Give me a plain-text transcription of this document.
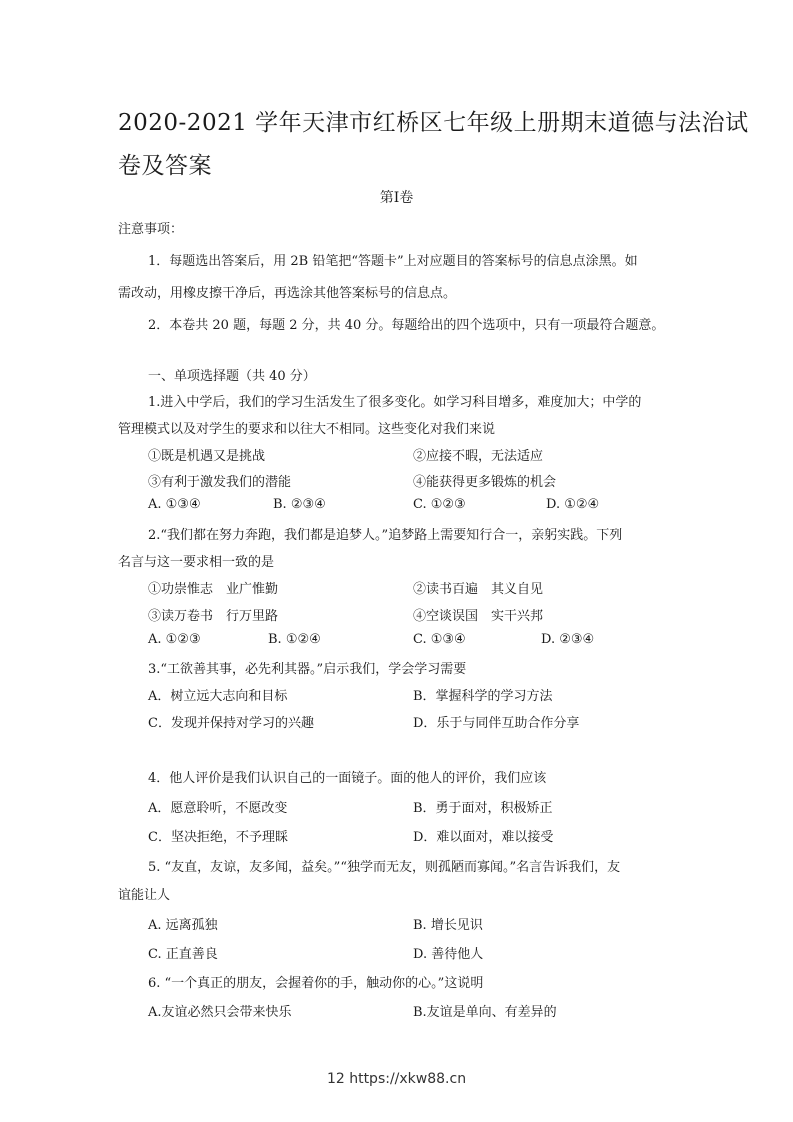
2020-2021 学年天津市红桥区七年级上册期末道德与法治试
卷及答案
第Ⅰ卷
注意事项：
1．每题选出答案后，用 2B 铅笔把“答题卡”上对应题目的答案标号的信息点涂黑。如
需改动，用橡皮擦干净后，再选涂其他答案标号的信息点。
2．本卷共 20 题，每题 2 分，共 40 分。每题给出的四个选项中，只有一项最符合题意。
一、单项选择题（共 40 分）
1.进入中学后，我们的学习生活发生了很多变化。如学习科目增多，难度加大；中学的
管理模式以及对学生的要求和以往大不相同。这些变化对我们来说
①既是机遇又是挑战	②应接不暇，无法适应
③有利于激发我们的潜能	④能获得更多锻炼的机会
A. ①③④	B. ②③④	C. ①②③	D. ①②④
2.“我们都在努力奔跑，我们都是追梦人。”追梦路上需要知行合一，亲躬实践。下列
名言与这一要求相一致的是
①功崇惟志　业广惟勤	②读书百遍　其义自见
③读万卷书　行万里路	④空谈误国　实干兴邦
A. ①②③	B. ①②④	C. ①③④	D. ②③④
3.“工欲善其事，必先利其器。”启示我们，学会学习需要
A．树立远大志向和目标	B．掌握科学的学习方法
C．发现并保持对学习的兴趣	D．乐于与同伴互助合作分享
4．他人评价是我们认识自己的一面镜子。面的他人的评价，我们应该
A．愿意聆听，不愿改变	B．勇于面对，积极矫正
C．坚决拒绝，不予理睬	D．难以面对，难以接受
5. “友直，友谅，友多闻，益矣。”“独学而无友，则孤陋而寡闻。”名言告诉我们，友
谊能让人
A. 远离孤独	B. 增长见识
C. 正直善良	D. 善待他人
6. “一个真正的朋友，会握着你的手，触动你的心。”这说明
A.友谊必然只会带来快乐	B.友谊是单向、有差异的
12 https://xkw88.cn
